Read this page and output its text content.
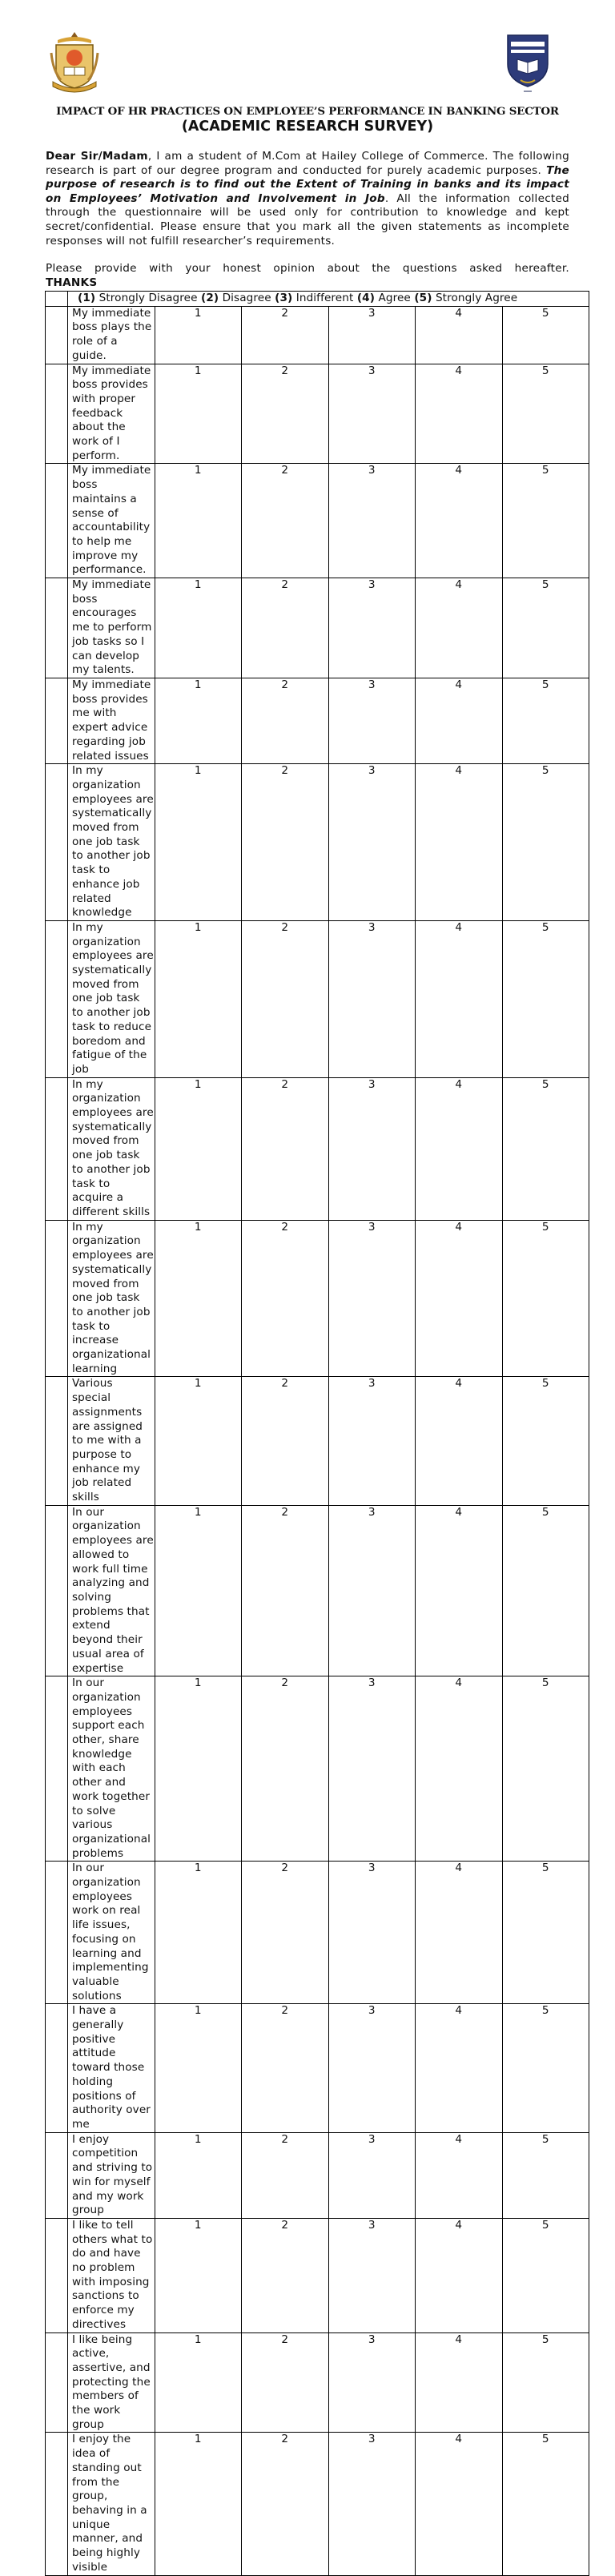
IMPACT OF HR PRACTICES ON EMPLOYEE’S PERFORMANCE IN BANKING SECTOR
(ACADEMIC RESEARCH SURVEY)
Dear Sir/Madam, I am a student of M.Com at Hailey College of Commerce. The following research is part of our degree program and conducted for purely academic purposes. The purpose of research is to find out the Extent of Training in banks and its impact on Employees’ Motivation and Involvement in Job. All the information collected through the questionnaire will be used only for contribution to knowledge and kept secret/confidential. Please ensure that you mark all the given statements as incomplete responses will not fulfill researcher’s requirements.
Please provide with your honest opinion about the questions asked hereafter.
THANKS
	(1) Strongly Disagree (2) Disagree (3) Indifferent (4) Agree (5) Strongly Agree					
	My immediate boss plays the role of a guide.	1	2	3	4	5
	My immediate boss provides with proper feedback about the work of I perform.	1	2	3	4	5
	My immediate boss maintains a sense of accountability to help me improve my performance.	1	2	3	4	5
	My immediate boss encourages me to perform job tasks so I can develop my talents.	1	2	3	4	5
	My immediate boss provides me with expert advice regarding job related issues	1	2	3	4	5
	In my organization employees are systematically moved from one job task to another job task to enhance job related knowledge	1	2	3	4	5
	In my organization employees are systematically moved from one job task to another job task to reduce boredom and fatigue of the job	1	2	3	4	5
	In my organization employees are systematically moved from one job task to another job task to acquire a different skills	1	2	3	4	5
	In my organization employees are systematically moved from one job task to another job task to increase organizational learning	1	2	3	4	5
	Various special assignments are assigned to me with a purpose to enhance my job related skills	1	2	3	4	5
	In our organization employees are allowed to work full time analyzing and solving problems that extend beyond their usual area of expertise	1	2	3	4	5
	In our organization employees support each other, share knowledge with each other and work together to solve various organizational problems	1	2	3	4	5
	In our organization employees work on real life issues, focusing on learning and implementing valuable solutions	1	2	3	4	5
	I have a generally positive attitude toward those holding positions of authority over me	1	2	3	4	5
	I enjoy competition and striving to win for myself and my work group	1	2	3	4	5
	I like to tell others what to do and have no problem with imposing sanctions to enforce my directives	1	2	3	4	5
	I like being active, assertive, and protecting the members of the work group	1	2	3	4	5
	I enjoy the idea of standing out from the group, behaving in a unique manner, and being highly visible	1	2	3	4	5
